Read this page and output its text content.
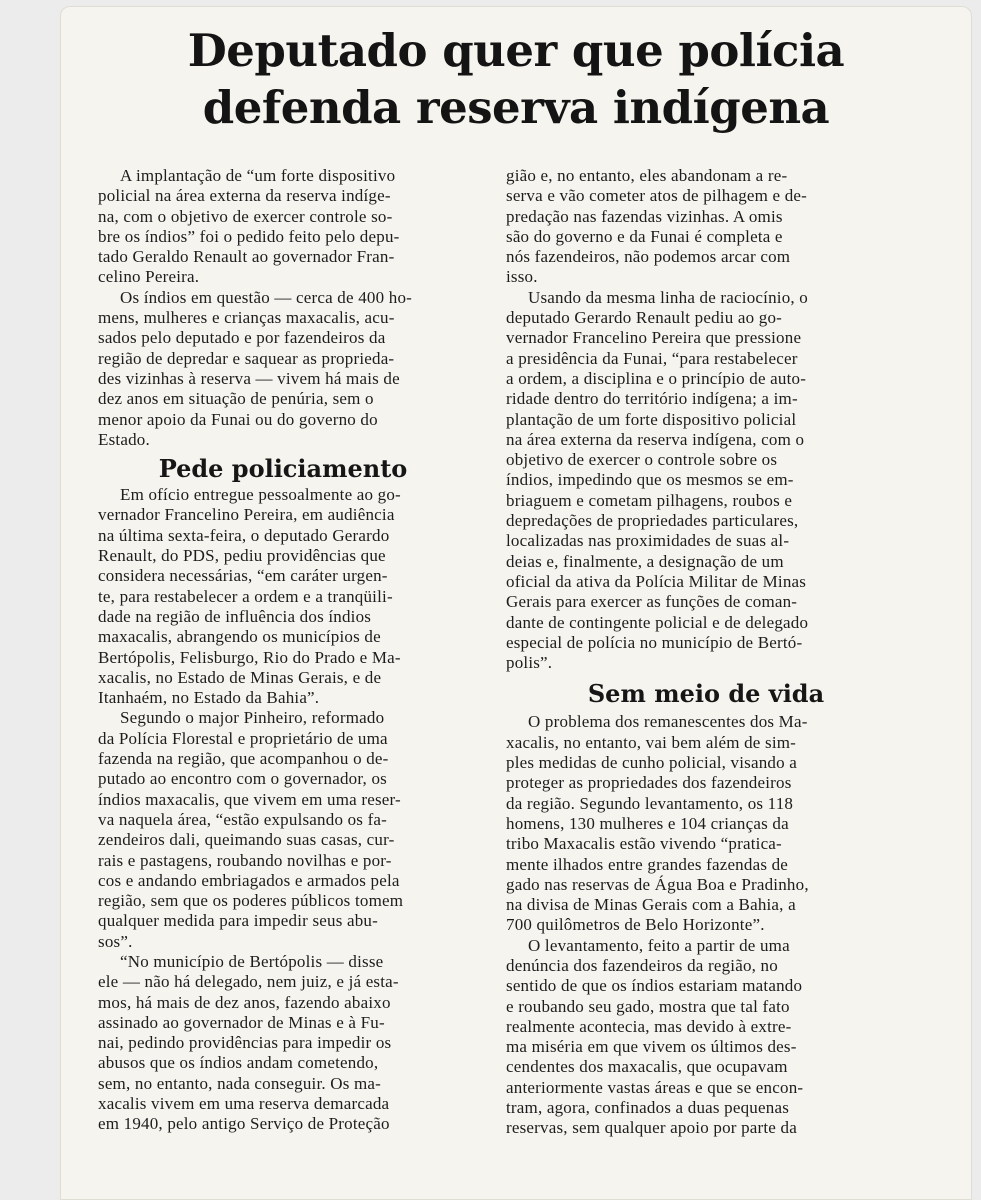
Deputado quer que polícia
defenda reserva indígena
A implantação de “um forte dispositivo
policial na área externa da reserva indíge-
na, com o objetivo de exercer controle so-
bre os índios” foi o pedido feito pelo depu-
tado Geraldo Renault ao governador Fran-
celino Pereira.
Os índios em questão — cerca de 400 ho-
mens, mulheres e crianças maxacalis, acu-
sados pelo deputado e por fazendeiros da
região de depredar e saquear as proprieda-
des vizinhas à reserva — vivem há mais de
dez anos em situação de penúria, sem o
menor apoio da Funai ou do governo do
Estado.
Pede policiamento
Em ofício entregue pessoalmente ao go-
vernador Francelino Pereira, em audiência
na última sexta-feira, o deputado Gerardo
Renault, do PDS, pediu providências que
considera necessárias, “em caráter urgen-
te, para restabelecer a ordem e a tranqüili-
dade na região de influência dos índios
maxacalis, abrangendo os municípios de
Bertópolis, Felisburgo, Rio do Prado e Ma-
xacalis, no Estado de Minas Gerais, e de
Itanhaém, no Estado da Bahia”.
Segundo o major Pinheiro, reformado
da Polícia Florestal e proprietário de uma
fazenda na região, que acompanhou o de-
putado ao encontro com o governador, os
índios maxacalis, que vivem em uma reser-
va naquela área, “estão expulsando os fa-
zendeiros dali, queimando suas casas, cur-
rais e pastagens, roubando novilhas e por-
cos e andando embriagados e armados pela
região, sem que os poderes públicos tomem
qualquer medida para impedir seus abu-
sos”.
“No município de Bertópolis — disse
ele — não há delegado, nem juiz, e já esta-
mos, há mais de dez anos, fazendo abaixo
assinado ao governador de Minas e à Fu-
nai, pedindo providências para impedir os
abusos que os índios andam cometendo,
sem, no entanto, nada conseguir. Os ma-
xacalis vivem em uma reserva demarcada
em 1940, pelo antigo Serviço de Proteção
gião e, no entanto, eles abandonam a re-
serva e vão cometer atos de pilhagem e de-
predação nas fazendas vizinhas. A omis
são do governo e da Funai é completa e
nós fazendeiros, não podemos arcar com
isso.
Usando da mesma linha de raciocínio, o
deputado Gerardo Renault pediu ao go-
vernador Francelino Pereira que pressione
a presidência da Funai, “para restabelecer
a ordem, a disciplina e o princípio de auto-
ridade dentro do território indígena; a im-
plantação de um forte dispositivo policial
na área externa da reserva indígena, com o
objetivo de exercer o controle sobre os
índios, impedindo que os mesmos se em-
briaguem e cometam pilhagens, roubos e
depredações de propriedades particulares,
localizadas nas proximidades de suas al-
deias e, finalmente, a designação de um
oficial da ativa da Polícia Militar de Minas
Gerais para exercer as funções de coman-
dante de contingente policial e de delegado
especial de polícia no município de Bertó-
polis”.
Sem meio de vida
O problema dos remanescentes dos Ma-
xacalis, no entanto, vai bem além de sim-
ples medidas de cunho policial, visando a
proteger as propriedades dos fazendeiros
da região. Segundo levantamento, os 118
homens, 130 mulheres e 104 crianças da
tribo Maxacalis estão vivendo “pratica-
mente ilhados entre grandes fazendas de
gado nas reservas de Água Boa e Pradinho,
na divisa de Minas Gerais com a Bahia, a
700 quilômetros de Belo Horizonte”.
O levantamento, feito a partir de uma
denúncia dos fazendeiros da região, no
sentido de que os índios estariam matando
e roubando seu gado, mostra que tal fato
realmente acontecia, mas devido à extre-
ma miséria em que vivem os últimos des-
cendentes dos maxacalis, que ocupavam
anteriormente vastas áreas e que se encon-
tram, agora, confinados a duas pequenas
reservas, sem qualquer apoio por parte da
